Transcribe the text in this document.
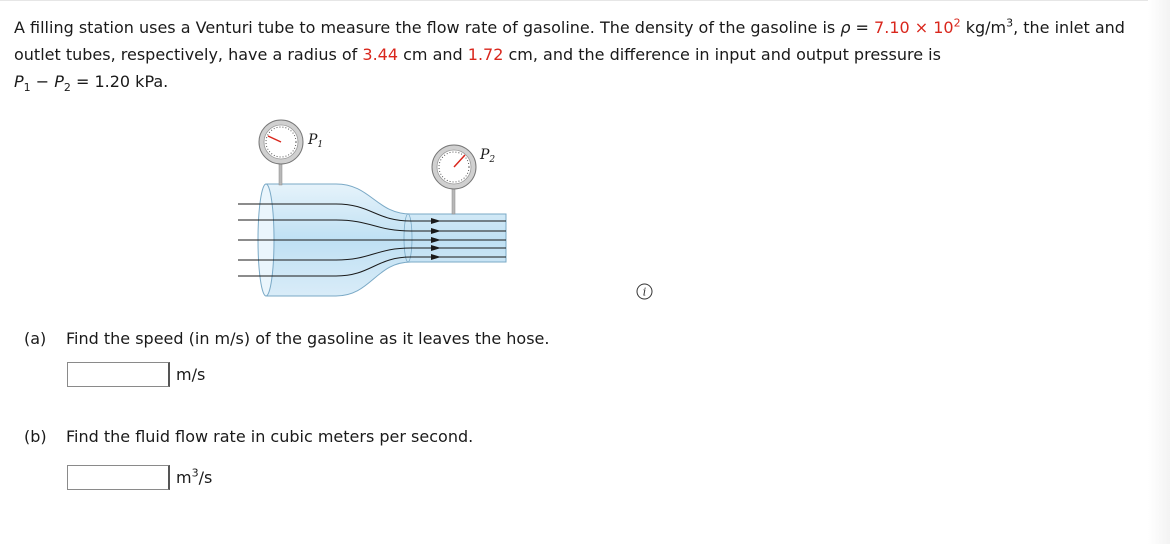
A filling station uses a Venturi tube to measure the flow rate of gasoline. The density of the gasoline is $\rho = 7.10 \times 10^2$ $kg/m^3$, the inlet and outlet tubes, respectively, have a radius of 3.44 cm and 1.72 cm, and the difference in input and output pressure is
$P_1 - P_2 = 1.20$ kPa.
$P_1$
$P_2$
i
(a) Find the speed (in m/s) of the gasoline as it leaves the hose.
m/s
(b) Find the fluid flow rate in cubic meters per second.
$m^3/s$
